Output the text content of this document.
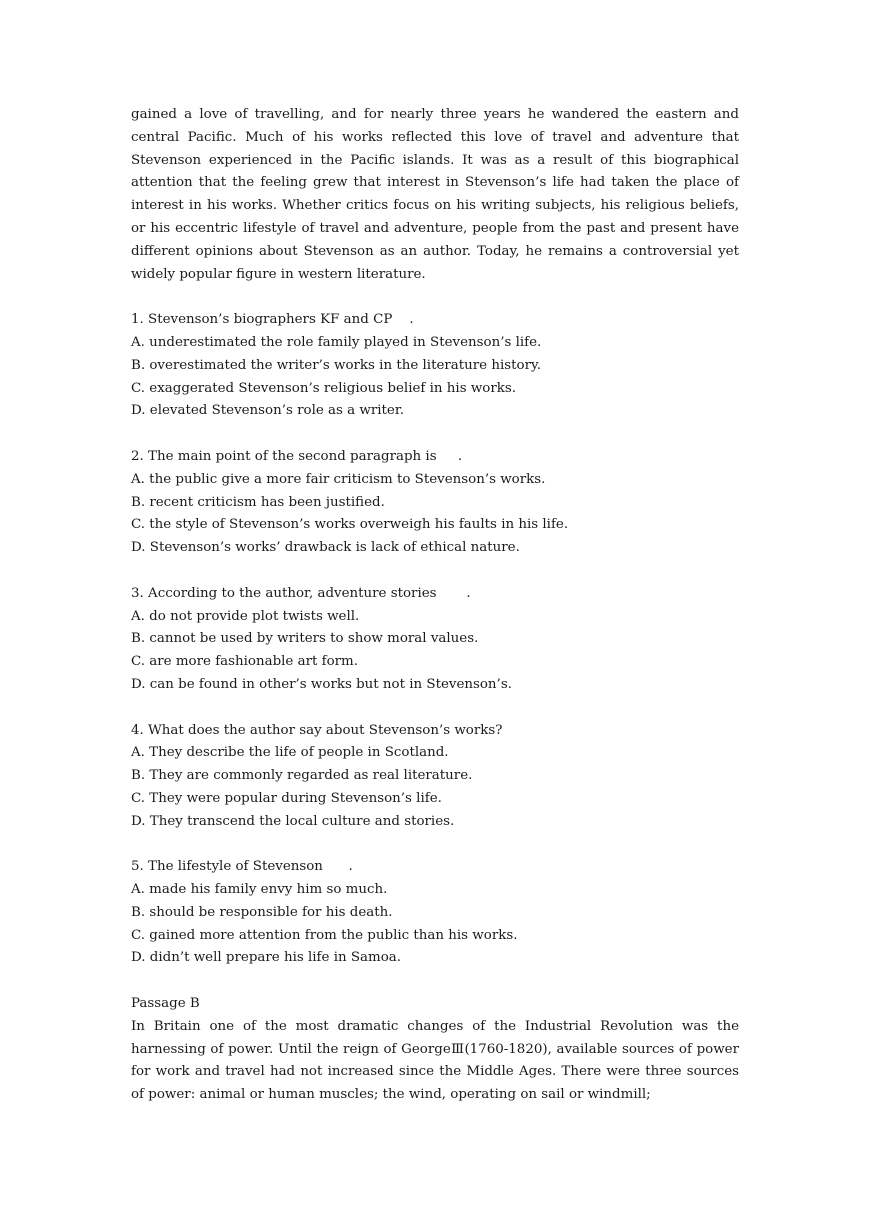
gained a love of travelling, and for nearly three years he wandered the eastern and central Pacific. Much of his works reflected this love of travel and adventure that Stevenson experienced in the Pacific islands. It was as a result of this biographical attention that the feeling grew that interest in Stevenson’s life had taken the place of interest in his works. Whether critics focus on his writing subjects, his religious beliefs, or his eccentric lifestyle of travel and adventure, people from the past and present have different opinions about Stevenson as an author. Today, he remains a controversial yet widely popular figure in western literature.

1. Stevenson’s biographers KF and CP    .

A. underestimated the role family played in Stevenson’s life.

B. overestimated the writer’s works in the literature history.

C. exaggerated Stevenson’s religious belief in his works.

D. elevated Stevenson’s role as a writer.

2. The main point of the second paragraph is     .

A. the public give a more fair criticism to Stevenson’s works.

B. recent criticism has been justified.

C. the style of Stevenson’s works overweigh his faults in his life.

D. Stevenson’s works’ drawback is lack of ethical nature.

3. According to the author, adventure stories       .

A. do not provide plot twists well.

B. cannot be used by writers to show moral values.

C. are more fashionable art form.

D. can be found in other’s works but not in Stevenson’s.

4. What does the author say about Stevenson’s works?

A. They describe the life of people in Scotland.

B. They are commonly regarded as real literature.

C. They were popular during Stevenson’s life.

D. They transcend the local culture and stories.

5. The lifestyle of Stevenson      .

A. made his family envy him so much.

B. should be responsible for his death.

C. gained more attention from the public than his works.

D. didn’t well prepare his life in Samoa.

Passage B

In Britain one of the most dramatic changes of the Industrial Revolution was the harnessing of power. Until the reign of GeorgeⅢ(1760-1820), available sources of power for work and travel had not increased since the Middle Ages. There were three sources of power: animal or human muscles; the wind, operating on sail or windmill;
